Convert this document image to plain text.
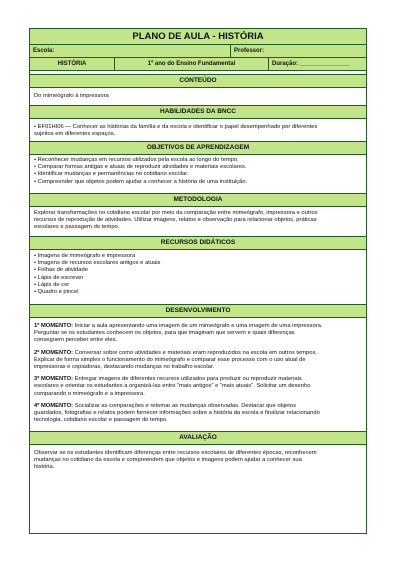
PLANO DE AULA - HISTÓRIA
Escola:	Professor:
HISTÓRIA	1º ano do Ensino Fundamental	Duração: _______________
CONTEÚDO
Do mimeógrafo à impressora
HABILIDADES DA BNCC
• EF01HI06 — Conhecer as histórias da família e da escola e identificar o papel desempenhado por diferentes
sujeitos em diferentes espaços.
OBJETIVOS DE APRENDIZAGEM
• Reconhecer mudanças em recursos utilizados pela escola ao longo do tempo.
• Comparar formas antigas e atuais de reproduzir atividades e materiais escolares.
• Identificar mudanças e permanências no cotidiano escolar.
• Compreender que objetos podem ajudar a conhecer a história de uma instituição.
METODOLOGIA
Explorar transformações no cotidiano escolar por meio da comparação entre mimeógrafo, impressora e outros
recursos de reprodução de atividades. Utilizar imagens, relatos e observação para relacionar objetos, práticas
escolares e passagem do tempo.
RECURSOS DIDÁTICOS
• Imagens de mimeógrafo e impressora
• Imagens de recursos escolares antigos e atuais
• Folhas de atividade
• Lápis de escrever
• Lápis de cor
• Quadro e pincel
DESENVOLVIMENTO
1º MOMENTO: Iniciar a aula apresentando uma imagem de um mimeógrafo e uma imagem de uma impressora.
Perguntar se os estudantes conhecem os objetos, para que imaginam que servem e quais diferenças
conseguem perceber entre eles.
2º MOMENTO: Conversar sobre como atividades e materiais eram reproduzidos na escola em outros tempos.
Explicar de forma simples o funcionamento do mimeógrafo e comparar esse processo com o uso atual de
impressoras e copiadoras, destacando mudanças no trabalho escolar.
3º MOMENTO: Entregar imagens de diferentes recursos utilizados para produzir ou reproduzir materiais
escolares e orientar os estudantes a organizá-las entre “mais antigos” e “mais atuais”. Solicitar um desenho
comparando o mimeógrafo e a impressora.
4º MOMENTO: Socializar as comparações e retomar as mudanças observadas. Destacar que objetos
guardados, fotografias e relatos podem fornecer informações sobre a história da escola e finalizar relacionando
tecnologia, cotidiano escolar e passagem do tempo.
AVALIAÇÃO
Observar se os estudantes identificam diferenças entre recursos escolares de diferentes épocas, reconhecem
mudanças no cotidiano da escola e compreendem que objetos e imagens podem ajudar a conhecer sua
história.
